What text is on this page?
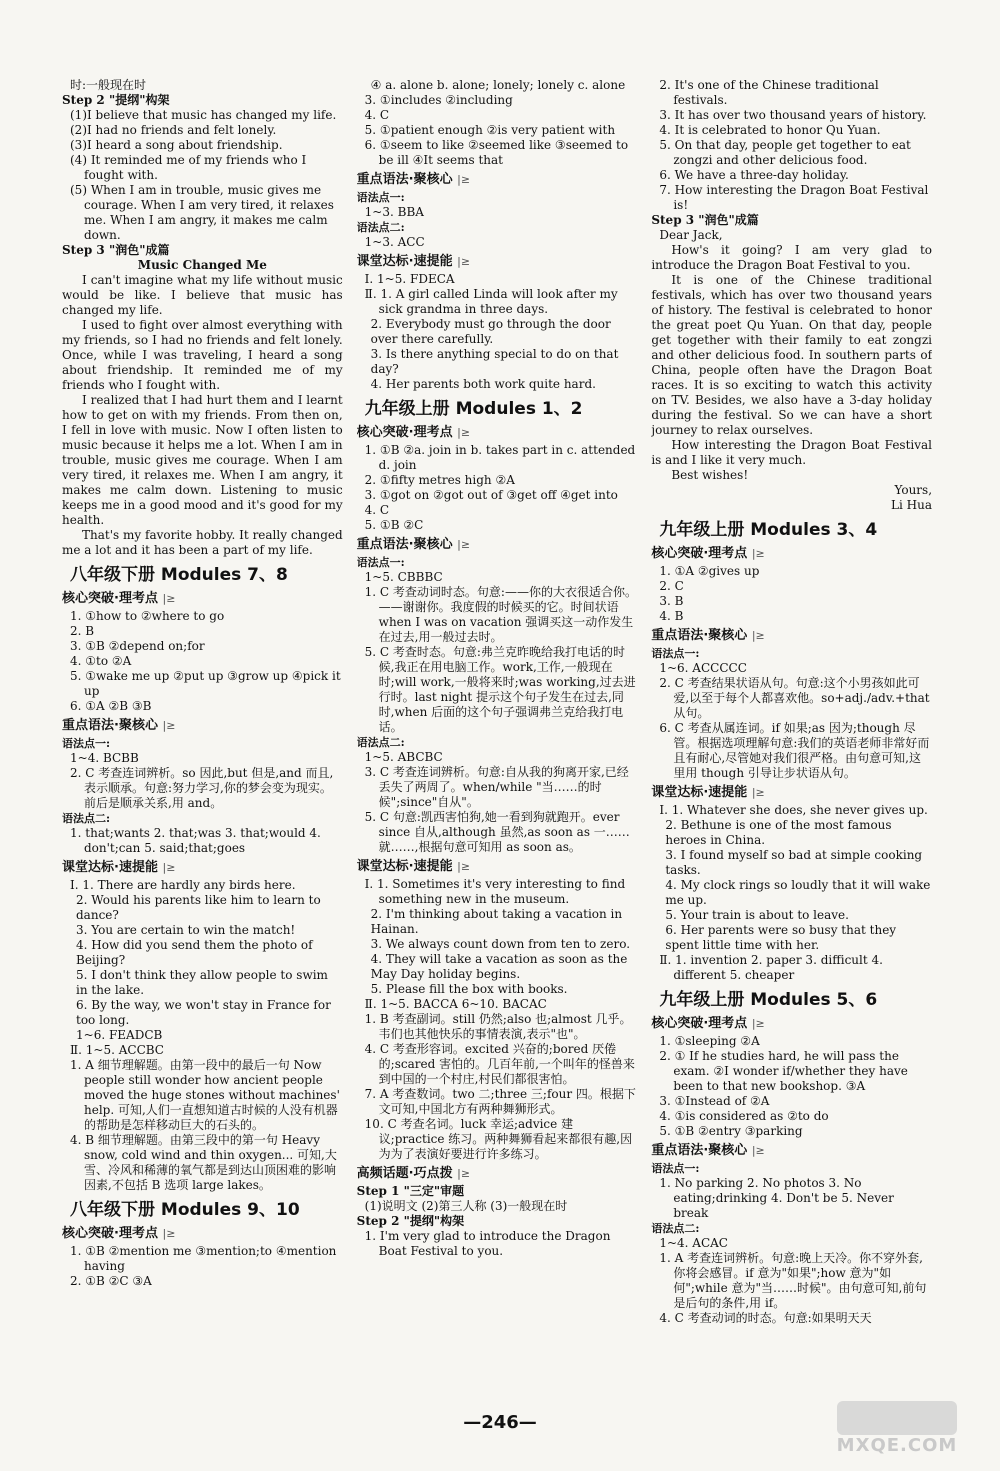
时:一般现在时

Step 2 "提纲"构架

(1)I believe that music has changed my life.

(2)I had no friends and felt lonely.

(3)I heard a song about friendship.

(4) It reminded me of my friends who I fought with.

(5) When I am in trouble, music gives me courage. When I am very tired, it relaxes me. When I am angry, it makes me calm down.

Step 3 "润色"成篇

Music Changed Me

I can't imagine what my life without music would be like. I believe that music has changed my life.

I used to fight over almost everything with my friends, so I had no friends and felt lonely. Once, while I was traveling, I heard a song about friendship. It reminded me of my friends who I fought with.

I realized that I had hurt them and I learnt how to get on with my friends. From then on, I fell in love with music. Now I often listen to music because it helps me a lot. When I am in trouble, music gives me courage. When I am very tired, it relaxes me. When I am angry, it makes me calm down. Listening to music keeps me in a good mood and it's good for my health.

That's my favorite hobby. It really changed me a lot and it has been a part of my life.

八年级下册 Modules 7、8
核心突破·理考点 |≥

1. ①how to ②where to go

2. B

3. ①B ②depend on;for

4. ①to ②A

5. ①wake me up ②put up ③grow up ④pick it up

6. ①A ②B ③B

重点语法·聚核心 |≥

语法点一:

1~4. BCBB

2. C 考查连词辨析。so 因此,but 但是,and 而且,表示顺承。句意:努力学习,你的梦会变为现实。前后是顺承关系,用 and。

语法点二:

1. that;wants 2. that;was 3. that;would 4. don't;can 5. said;that;goes

课堂达标·速提能 |≥

Ⅰ. 1. There are hardly any birds here.

2. Would his parents like him to learn to dance?

3. You are certain to win the match!

4. How did you send them the photo of Beijing?

5. I don't think they allow people to swim in the lake.

6. By the way, we won't stay in France for too long.

1~6. FEADCB

Ⅱ. 1~5. ACCBC

1. A 细节理解题。由第一段中的最后一句 Now people still wonder how ancient people moved the huge stones without machines' help. 可知,人们一直想知道古时候的人没有机器的帮助是怎样移动巨大的石头的。

4. B 细节理解题。由第三段中的第一句 Heavy snow, cold wind and thin oxygen... 可知,大雪、冷风和稀薄的氧气都是到达山顶困难的影响因素,不包括 B 选项 large lakes。

八年级下册 Modules 9、10
核心突破·理考点 |≥

1. ①B ②mention me ③mention;to ④mention having

2. ①B ②C ③A

④ a. alone b. alone; lonely; lonely c. alone

3. ①includes ②including

4. C

5. ①patient enough ②is very patient with

6. ①seem to like ②seemed like ③seemed to be ill ④It seems that

重点语法·聚核心 |≥

语法点一:

1~3. BBA

语法点二:

1~3. ACC

课堂达标·速提能 |≥

Ⅰ. 1~5. FDECA

Ⅱ. 1. A girl called Linda will look after my sick grandma in three days.

2. Everybody must go through the door over there carefully.

3. Is there anything special to do on that day?

4. Her parents both work quite hard.

九年级上册 Modules 1、2
核心突破·理考点 |≥

1. ①B ②a. join in b. takes part in c. attended d. join

2. ①fifty metres high ②A

3. ①got on ②got out of ③get off ④get into

4. C

5. ①B ②C

重点语法·聚核心 |≥

语法点一:

1~5. CBBBC

1. C 考查动词时态。句意:——你的大衣很适合你。——谢谢你。我度假的时候买的它。时间状语 when I was on vacation 强调买这一动作发生在过去,用一般过去时。

5. C 考查时态。句意:弗兰克昨晚给我打电话的时候,我正在用电脑工作。work,工作,一般现在时;will work,一般将来时;was working,过去进行时。last night 提示这个句子发生在过去,同时,when 后面的这个句子强调弗兰克给我打电话。

语法点二:

1~5. ABCBC

3. C 考查连词辨析。句意:自从我的狗离开家,已经丢失了两周了。when/while "当……的时候";since"自从"。

5. C 句意:凯西害怕狗,她一看到狗就跑开。ever since 自从,although 虽然,as soon as 一……就……,根据句意可知用 as soon as。

课堂达标·速提能 |≥

Ⅰ. 1. Sometimes it's very interesting to find something new in the museum.

2. I'm thinking about taking a vacation in Hainan.

3. We always count down from ten to zero.

4. They will take a vacation as soon as the May Day holiday begins.

5. Please fill the box with books.

Ⅱ. 1~5. BACCA 6~10. BACAC

1. B 考查副词。still 仍然;also 也;almost 几乎。韦们也其他快乐的事情表演,表示"也"。

4. C 考查形容词。excited 兴奋的;bored 厌倦的;scared 害怕的。几百年前,一个叫年的怪兽来到中国的一个村庄,村民们都很害怕。

7. A 考查数词。two 二;three 三;four 四。根据下文可知,中国北方有两种舞狮形式。

10. C 考查名词。luck 幸运;advice 建议;practice 练习。两种舞狮看起来都很有趣,因为为了表演好要进行许多练习。

高频话题·巧点拨 |≥

Step 1 "三定"审题

(1)说明文 (2)第三人称 (3)一般现在时

Step 2 "提纲"构架

1. I'm very glad to introduce the Dragon Boat Festival to you.

2. It's one of the Chinese traditional festivals.

3. It has over two thousand years of history.

4. It is celebrated to honor Qu Yuan.

5. On that day, people get together to eat zongzi and other delicious food.

6. We have a three-day holiday.

7. How interesting the Dragon Boat Festival is!

Step 3 "润色"成篇

Dear Jack,

How's it going? I am very glad to introduce the Dragon Boat Festival to you.

It is one of the Chinese traditional festivals, which has over two thousand years of history. The festival is celebrated to honor the great poet Qu Yuan. On that day, people get together with their family to eat zongzi and other delicious food. In southern parts of China, people often have the Dragon Boat races. It is so exciting to watch this activity on TV. Besides, we also have a 3-day holiday during the festival. So we can have a short journey to relax ourselves.

How interesting the Dragon Boat Festival is and I like it very much.

Best wishes!

Yours,

Li Hua

九年级上册 Modules 3、4
核心突破·理考点 |≥

1. ①A ②gives up

2. C

3. B

4. B

重点语法·聚核心 |≥

语法点一:

1~6. ACCCCC

2. C 考查结果状语从句。句意:这个小男孩如此可爱,以至于每个人都喜欢他。so+adj./adv.+that 从句。

6. C 考查从属连词。if 如果;as 因为;though 尽管。根据选项理解句意:我们的英语老师非常好而且有耐心,尽管她对我们很严格。由句意可知,这里用 though 引导让步状语从句。

课堂达标·速提能 |≥

Ⅰ. 1. Whatever she does, she never gives up.

2. Bethune is one of the most famous heroes in China.

3. I found myself so bad at simple cooking tasks.

4. My clock rings so loudly that it will wake me up.

5. Your train is about to leave.

6. Her parents were so busy that they spent little time with her.

Ⅱ. 1. invention 2. paper 3. difficult 4. different 5. cheaper

九年级上册 Modules 5、6
核心突破·理考点 |≥

1. ①sleeping ②A

2. ① If he studies hard, he will pass the exam. ②I wonder if/whether they have been to that new bookshop. ③A

3. ①Instead of ②A

4. ①is considered as ②to do

5. ①B ②entry ③parking

重点语法·聚核心 |≥

语法点一:

1. No parking 2. No photos 3. No eating;drinking 4. Don't be 5. Never break

语法点二:

1~4. ACAC

1. A 考查连词辨析。句意:晚上天冷。你不穿外套,你将会感冒。if 意为"如果";how 意为"如何";while 意为"当……时候"。由句意可知,前句是后句的条件,用 if。

4. C 考查动词的时态。句意:如果明天天

—246—
MXQE.COM
